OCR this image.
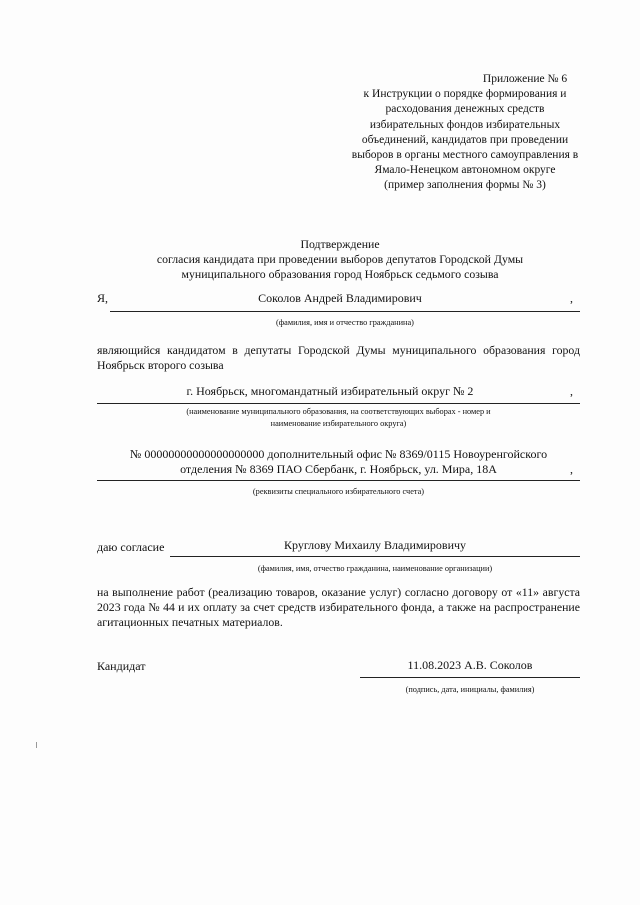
Приложение № 6
к Инструкции о порядке формирования и
расходования денежных средств
избирательных фондов избирательных
объединений, кандидатов при проведении
выборов в органы местного самоуправления в
Ямало-Ненецком автономном округе
(пример заполнения формы № 3)
Подтверждение
согласия кандидата при проведении выборов депутатов Городской Думы
муниципального образования город Ноябрьск седьмого созыва
Я,	Соколов Андрей Владимирович	,
(фамилия, имя и отчество гражданина)
являющийся кандидатом в депутаты Городской Думы муниципального образования город Ноябрьск второго созыва
г. Ноябрьск, многомандатный избирательный округ № 2	,
(наименование муниципального образования, на соответствующих выборах - номер и
наименование избирательного округа)
№ 00000000000000000000 дополнительный офис № 8369/0115 Новоуренгойского
отделения № 8369 ПАО Сбербанк, г. Ноябрьск, ул. Мира, 18А	,
(реквизиты специального избирательного счета)
даю согласие	Круглову Михаилу Владимировичу
(фамилия, имя, отчество гражданина, наименование организации)
на выполнение работ (реализацию товаров, оказание услуг) согласно договору от «11» августа 2023 года № 44 и их оплату за счет средств избирательного фонда, а также на распространение агитационных печатных материалов.
Кандидат	11.08.2023 А.В. Соколов
(подпись, дата, инициалы, фамилия)
